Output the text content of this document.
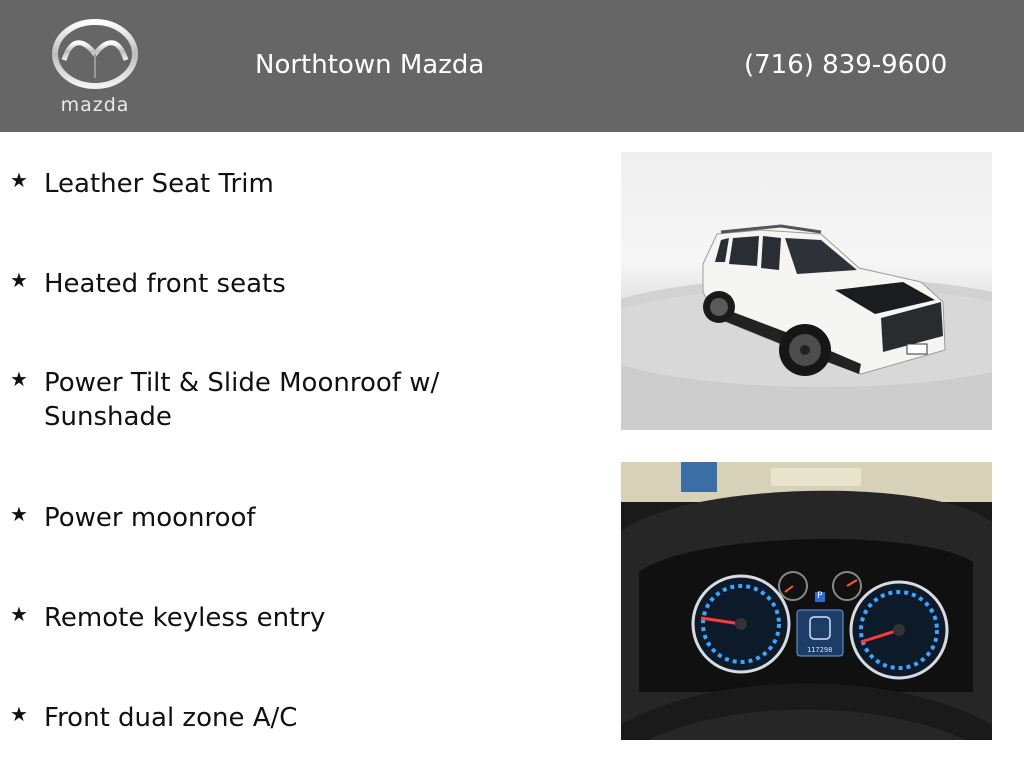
mazda
Northtown Mazda	(716) 839-9600
★ Leather Seat Trim
★ Heated front seats
★ Power Tilt & Slide Moonroof w/ Sunshade
★ Power moonroof
★ Remote keyless entry
★ Front dual zone A/C
P
117298
